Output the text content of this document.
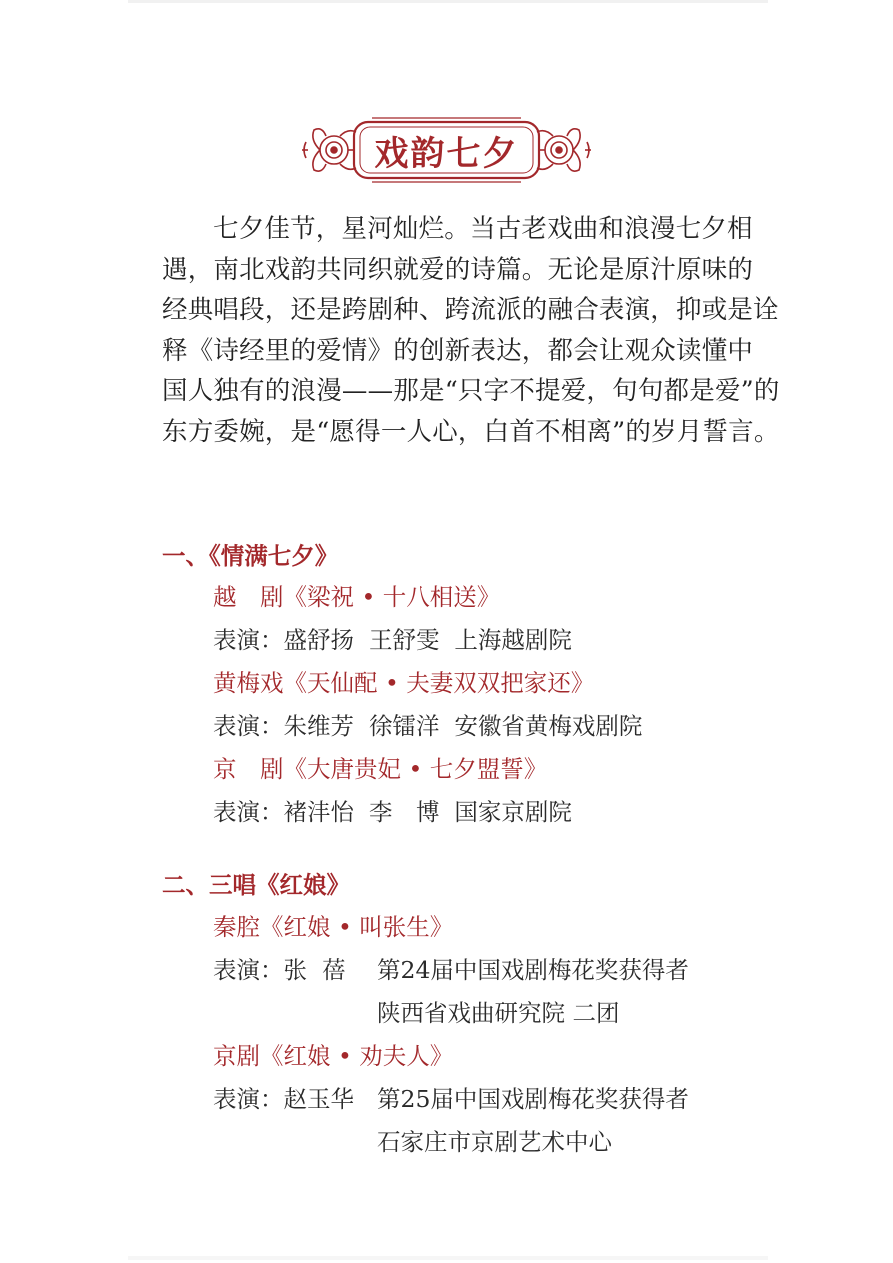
戏韵七夕

七夕佳节，星河灿烂。当古老戏曲和浪漫七夕相
遇，南北戏韵共同织就爱的诗篇。无论是原汁原味的
经典唱段，还是跨剧种、跨流派的融合表演，抑或是诠
释《诗经里的爱情》的创新表达，都会让观众读懂中
国人独有的浪漫——那是“只字不提爱，句句都是爱”的
东方委婉，是“愿得一人心，白首不相离”的岁月誓言。

一、《情满七夕》
越　剧《梁祝 • 十八相送》
表演：盛舒扬  王舒雯  上海越剧院
黄梅戏《天仙配 • 夫妻双双把家还》
表演：朱维芳  徐镭洋  安徽省黄梅戏剧院
京　剧《大唐贵妃 • 七夕盟誓》
表演：褚沣怡  李　博  国家京剧院
二、三唱《红娘》
秦腔《红娘 • 叫张生》
表演：张  蓓 第24届中国戏剧梅花奖获得者
陕西省戏曲研究院 二团
京剧《红娘 • 劝夫人》
表演：赵玉华 第25届中国戏剧梅花奖获得者
石家庄市京剧艺术中心
